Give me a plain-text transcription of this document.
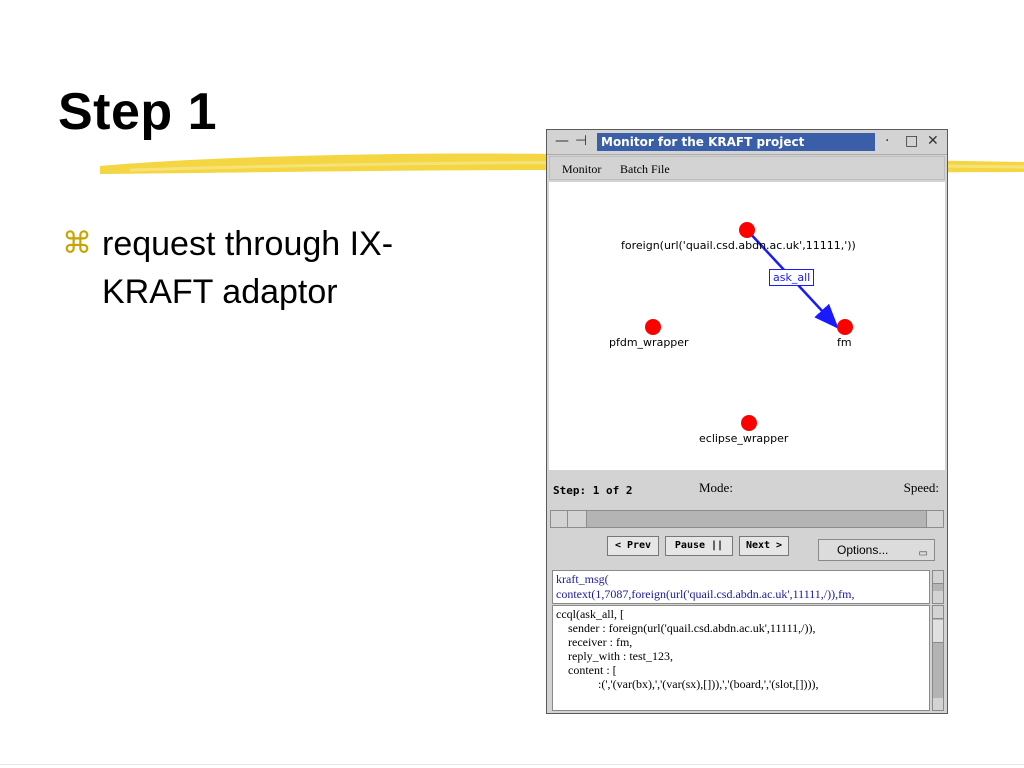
Step 1
⌘ request through IX-KRAFT adaptor
— ⊣	Monitor for the KRAFT project	· □ ✕
Monitor Batch File
foreign(url('quail.csd.abdn.ac.uk',11111,'))
pfdm_wrapper	fm
eclipse_wrapper
ask_all
Step: 1 of 2	Mode:	Speed:
< Prev	Pause ||	Next >	Options...	▭
kraft_msg(
context(1,7087,foreign(url('quail.csd.abdn.ac.uk',11111,/)),fm,
ccql(ask_all, [
sender : foreign(url('quail.csd.abdn.ac.uk',11111,/)),
receiver : fm,
reply_with : test_123,
content : [
:(','(var(bx),','(var(sx),[])),','(board,','(slot,[]))),
